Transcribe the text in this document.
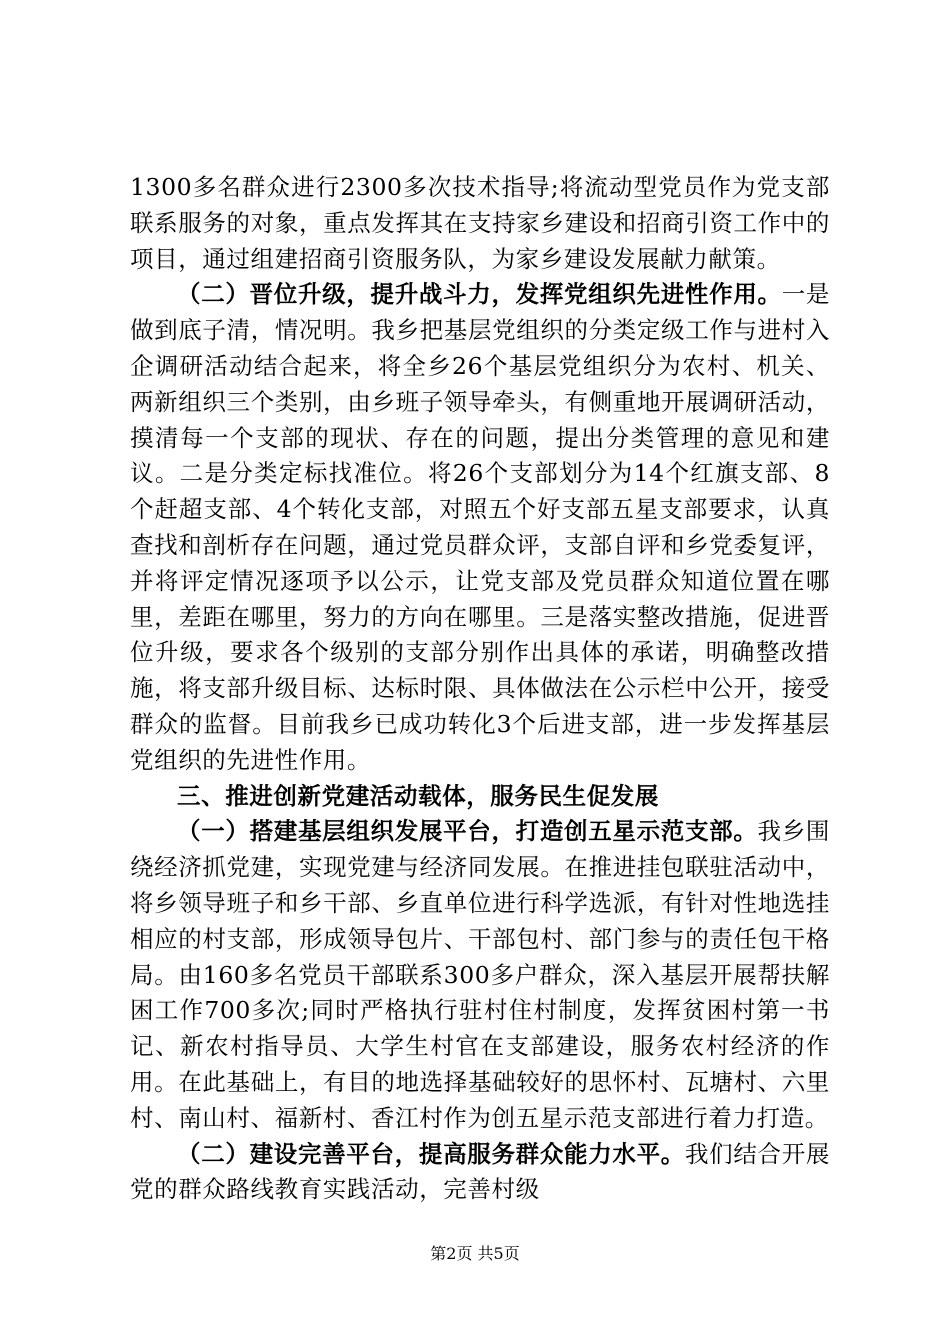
1300多名群众进行2300多次技术指导;将流动型党员作为党支部联系服务的对象，重点发挥其在支持家乡建设和招商引资工作中的项目，通过组建招商引资服务队，为家乡建设发展献力献策。

（二）晋位升级，提升战斗力，发挥党组织先进性作用。一是做到底子清，情况明。我乡把基层党组织的分类定级工作与进村入企调研活动结合起来，将全乡26个基层党组织分为农村、机关、两新组织三个类别，由乡班子领导牵头，有侧重地开展调研活动，摸清每一个支部的现状、存在的问题，提出分类管理的意见和建议。二是分类定标找准位。将26个支部划分为14个红旗支部、8个赶超支部、4个转化支部，对照五个好支部五星支部要求，认真查找和剖析存在问题，通过党员群众评，支部自评和乡党委复评，并将评定情况逐项予以公示，让党支部及党员群众知道位置在哪里，差距在哪里，努力的方向在哪里。三是落实整改措施，促进晋位升级，要求各个级别的支部分别作出具体的承诺，明确整改措施，将支部升级目标、达标时限、具体做法在公示栏中公开，接受群众的监督。目前我乡已成功转化3个后进支部，进一步发挥基层党组织的先进性作用。

三、推进创新党建活动载体，服务民生促发展

（一）搭建基层组织发展平台，打造创五星示范支部。我乡围绕经济抓党建，实现党建与经济同发展。在推进挂包联驻活动中，将乡领导班子和乡干部、乡直单位进行科学选派，有针对性地选挂相应的村支部，形成领导包片、干部包村、部门参与的责任包干格局。由160多名党员干部联系300多户群众，深入基层开展帮扶解困工作700多次;同时严格执行驻村住村制度，发挥贫困村第一书记、新农村指导员、大学生村官在支部建设，服务农村经济的作用。在此基础上，有目的地选择基础较好的思怀村、瓦塘村、六里村、南山村、福新村、香江村作为创五星示范支部进行着力打造。

（二）建设完善平台，提高服务群众能力水平。我们结合开展党的群众路线教育实践活动，完善村级

第2页 共5页
